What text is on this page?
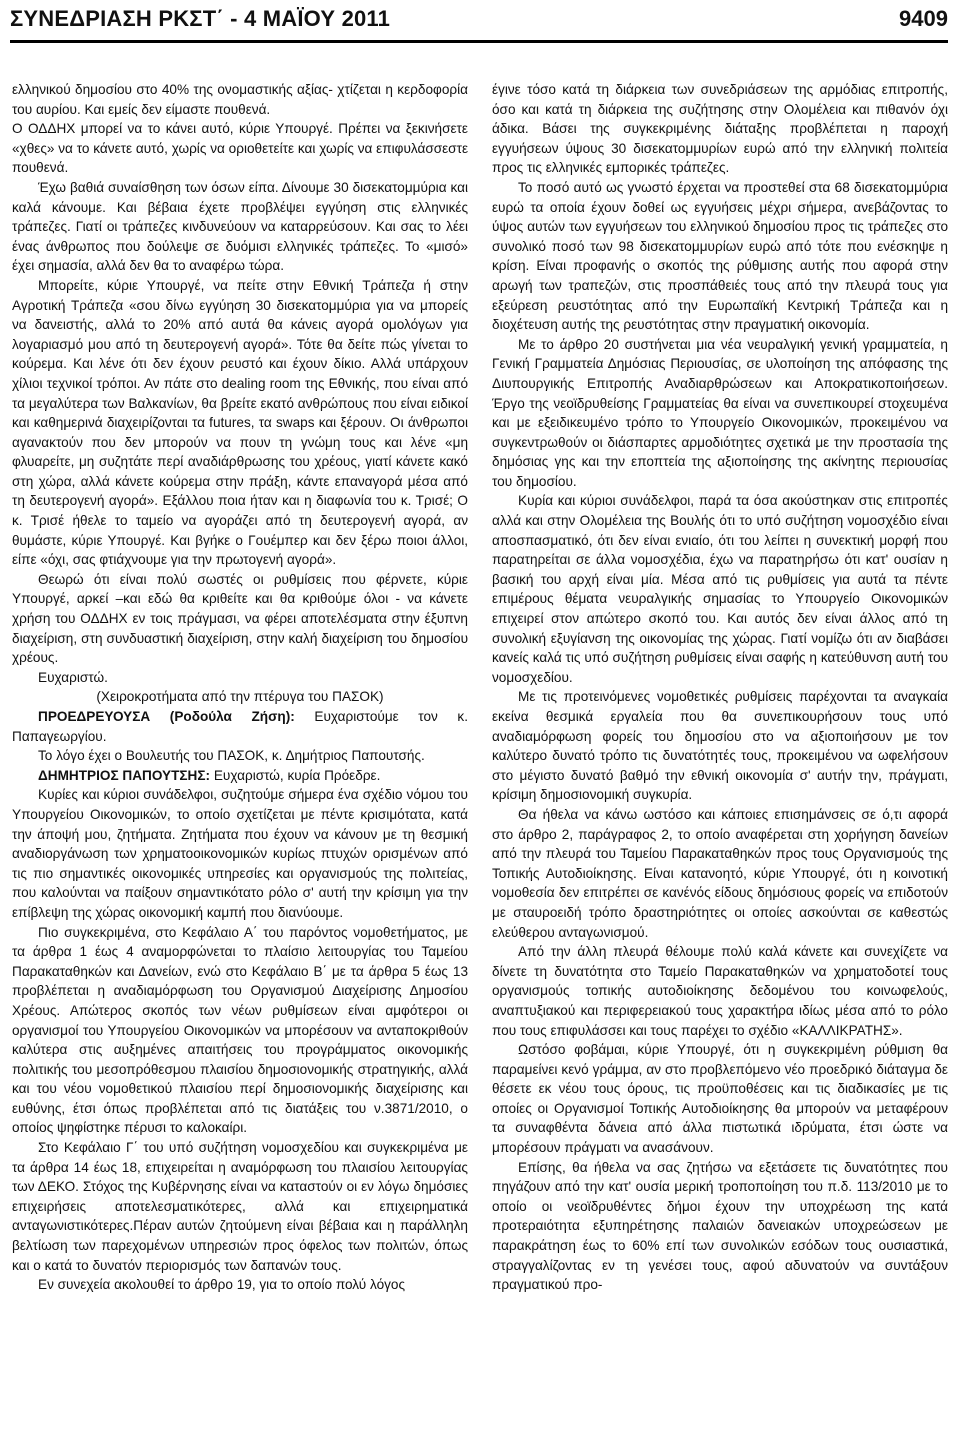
ΣΥΝΕΔΡΙΑΣΗ ΡΚΣΤ΄ - 4 ΜΑΪΟΥ 2011	9409

ελληνικού δημοσίου στο 40% της ονομαστικής αξίας- χτίζεται η κερδοφορία του αυρίου. Και εμείς δεν είμαστε πουθενά.

Ο ΟΔΔΗΧ μπορεί να το κάνει αυτό, κύριε Υπουργέ. Πρέπει να ξεκινήσετε «χθες» να το κάνετε αυτό, χωρίς να οριοθετείτε και χωρίς να επιφυλάσσεστε πουθενά.

Έχω βαθιά συναίσθηση των όσων είπα. Δίνουμε 30 δισεκατομμύρια και καλά κάνουμε. Και βέβαια έχετε προβλέψει εγγύηση στις ελληνικές τράπεζες. Γιατί οι τράπεζες κινδυνεύουν να καταρρεύσουν. Και σας το λέει ένας άνθρωπος που δούλεψε σε δυόμισι ελληνικές τράπεζες. Το «μισό» έχει σημασία, αλλά δεν θα το αναφέρω τώρα.

Μπορείτε, κύριε Υπουργέ, να πείτε στην Εθνική Τράπεζα ή στην Αγροτική Τράπεζα «σου δίνω εγγύηση 30 δισεκατομμύρια για να μπορείς να δανειστής, αλλά το 20% από αυτά θα κάνεις αγορά ομολόγων για λογαριασμό μου από τη δευτερογενή αγορά». Τότε θα δείτε πώς γίνεται το κούρεμα. Και λένε ότι δεν έχουν ρευστό και έχουν δίκιο. Αλλά υπάρχουν χίλιοι τεχνικοί τρόποι. Αν πάτε στο dealing room της Εθνικής, που είναι από τα μεγαλύτερα των Βαλκανίων, θα βρείτε εκατό ανθρώπους που είναι ειδικοί και καθημερινά διαχειρίζονται τα futures, τα swaps και ξέρουν. Οι άνθρωποι αγανακτούν που δεν μπορούν να πουν τη γνώμη τους και λένε «μη φλυαρείτε, μη συζητάτε περί αναδιάρθρωσης του χρέους, γιατί κάνετε κακό στη χώρα, αλλά κάνετε κούρεμα στην πράξη, κάντε επαναγορά μέσα από τη δευτερογενή αγορά». Εξάλλου ποια ήταν και η διαφωνία του κ. Τρισέ; Ο κ. Τρισέ ήθελε το ταμείο να αγοράζει από τη δευτερογενή αγορά, αν θυμάστε, κύριε Υπουργέ. Και βγήκε ο Γουέμπερ και δεν ξέρω ποιοι άλλοι, είπε «όχι, σας φτιάχνουμε για την πρωτογενή αγορά».

Θεωρώ ότι είναι πολύ σωστές οι ρυθμίσεις που φέρνετε, κύριε Υπουργέ, αρκεί –και εδώ θα κριθείτε και θα κριθούμε όλοι - να κάνετε χρήση του ΟΔΔΗΧ εν τοις πράγμασι, να φέρει αποτελέσματα στην έξυπνη διαχείριση, στη συνδυαστική διαχείριση, στην καλή διαχείριση του δημοσίου χρέους.

Ευχαριστώ.

(Χειροκροτήματα από την πτέρυγα του ΠΑΣΟΚ)

ΠΡΟΕΔΡΕΥΟΥΣΑ (Ροδούλα Ζήση): Ευχαριστούμε τον κ. Παπαγεωργίου.

Το λόγο έχει ο Βουλευτής του ΠΑΣΟΚ, κ. Δημήτριος Παπουτσής.

ΔΗΜΗΤΡΙΟΣ ΠΑΠΟΥΤΣΗΣ: Ευχαριστώ, κυρία Πρόεδρε.

Κυρίες και κύριοι συνάδελφοι, συζητούμε σήμερα ένα σχέδιο νόμου του Υπουργείου Οικονομικών, το οποίο σχετίζεται με πέντε κρισιμότατα, κατά την άποψή μου, ζητήματα. Ζητήματα που έχουν να κάνουν με τη θεσμική αναδιοργάνωση των χρηματοοικονομικών κυρίως πτυχών ορισμένων από τις πιο σημαντικές οικονομικές υπηρεσίες και οργανισμούς της πολιτείας, που καλούνται να παίξουν σημαντικότατο ρόλο σ' αυτή την κρίσιμη για την επίβλεψη της χώρας οικονομική καμπή που διανύουμε.

Πιο συγκεκριμένα, στο Κεφάλαιο Α΄ του παρόντος νομοθετήματος, με τα άρθρα 1 έως 4 αναμορφώνεται το πλαίσιο λειτουργίας του Ταμείου Παρακαταθηκών και Δανείων, ενώ στο Κεφάλαιο Β΄ με τα άρθρα 5 έως 13 προβλέπεται η αναδιαμόρφωση του Οργανισμού Διαχείρισης Δημοσίου Χρέους. Απώτερος σκοπός των νέων ρυθμίσεων είναι αμφότεροι οι οργανισμοί του Υπουργείου Οικονομικών να μπορέσουν να ανταποκριθούν καλύτερα στις αυξημένες απαιτήσεις του προγράμματος οικονομικής πολιτικής του μεσοπρόθεσμου πλαισίου δημοσιονομικής στρατηγικής, αλλά και του νέου νομοθετικού πλαισίου περί δημοσιονομικής διαχείρισης και ευθύνης, έτσι όπως προβλέπεται από τις διατάξεις του ν.3871/2010, ο οποίος ψηφίστηκε πέρυσι το καλοκαίρι.

Στο Κεφάλαιο Γ΄ του υπό συζήτηση νομοσχεδίου και συγκεκριμένα με τα άρθρα 14 έως 18, επιχειρείται η αναμόρφωση του πλαισίου λειτουργίας των ΔΕΚΟ. Στόχος της Κυβέρνησης είναι να καταστούν οι εν λόγω δημόσιες επιχειρήσεις αποτελεσματικότερες, αλλά και επιχειρηματικά ανταγωνιστικότερες.Πέραν αυτών ζητούμενη είναι βέβαια και η παράλληλη βελτίωση των παρεχομένων υπηρεσιών προς όφελος των πολιτών, όπως και ο κατά το δυνατόν περιορισμός των δαπανών τους.

Εν συνεχεία ακολουθεί το άρθρο 19, για το οποίο πολύ λόγος

έγινε τόσο κατά τη διάρκεια των συνεδριάσεων της αρμόδιας επιτροπής, όσο και κατά τη διάρκεια της συζήτησης στην Ολομέλεια και πιθανόν όχι άδικα. Βάσει της συγκεκριμένης διάταξης προβλέπεται η παροχή εγγυήσεων ύψους 30 δισεκατομμυρίων ευρώ από την ελληνική πολιτεία προς τις ελληνικές εμπορικές τράπεζες.

Το ποσό αυτό ως γνωστό έρχεται να προστεθεί στα 68 δισεκατομμύρια ευρώ τα οποία έχουν δοθεί ως εγγυήσεις μέχρι σήμερα, ανεβάζοντας το ύψος αυτών των εγγυήσεων του ελληνικού δημοσίου προς τις τράπεζες στο συνολικό ποσό των 98 δισεκατομμυρίων ευρώ από τότε που ενέσκηψε η κρίση. Είναι προφανής ο σκοπός της ρύθμισης αυτής που αφορά στην αρωγή των τραπεζών, στις προσπάθειές τους από την πλευρά τους για εξεύρεση ρευστότητας από την Ευρωπαϊκή Κεντρική Τράπεζα και η διοχέτευση αυτής της ρευστότητας στην πραγματική οικονομία.

Με το άρθρο 20 συστήνεται μια νέα νευραλγική γενική γραμματεία, η Γενική Γραμματεία Δημόσιας Περιουσίας, σε υλοποίηση της απόφασης της Διυπουργικής Επιτροπής Αναδιαρθρώσεων και Αποκρατικοποιήσεων. Έργο της νεοϊδρυθείσης Γραμματείας θα είναι να συνεπικουρεί στοχευμένα και με εξειδικευμένο τρόπο το Υπουργείο Οικονομικών, προκειμένου να συγκεντρωθούν οι διάσπαρτες αρμοδιότητες σχετικά με την προστασία της δημόσιας γης και την εποπτεία της αξιοποίησης της ακίνητης περιουσίας του δημοσίου.

Κυρία και κύριοι συνάδελφοι, παρά τα όσα ακούστηκαν στις επιτροπές αλλά και στην Ολομέλεια της Βουλής ότι το υπό συζήτηση νομοσχέδιο είναι αποσπασματικό, ότι δεν είναι ενιαίο, ότι του λείπει η συνεκτική μορφή που παρατηρείται σε άλλα νομοσχέδια, έχω να παρατηρήσω ότι κατ' ουσίαν η βασική του αρχή είναι μία. Μέσα από τις ρυθμίσεις για αυτά τα πέντε επιμέρους θέματα νευραλγικής σημασίας το Υπουργείο Οικονομικών επιχειρεί στον απώτερο σκοπό του. Και αυτός δεν είναι άλλος από τη συνολική εξυγίανση της οικονομίας της χώρας. Γιατί νομίζω ότι αν διαβάσει κανείς καλά τις υπό συζήτηση ρυθμίσεις είναι σαφής η κατεύθυνση αυτή του νομοσχεδίου.

Με τις προτεινόμενες νομοθετικές ρυθμίσεις παρέχονται τα αναγκαία εκείνα θεσμικά εργαλεία που θα συνεπικουρήσουν τους υπό αναδιαμόρφωση φορείς του δημοσίου στο να αξιοποιήσουν με τον καλύτερο δυνατό τρόπο τις δυνατότητές τους, προκειμένου να ωφελήσουν στο μέγιστο δυνατό βαθμό την εθνική οικονομία σ' αυτήν την, πράγματι, κρίσιμη δημοσιονομική συγκυρία.

Θα ήθελα να κάνω ωστόσο και κάποιες επισημάνσεις σε ό,τι αφορά στο άρθρο 2, παράγραφος 2, το οποίο αναφέρεται στη χορήγηση δανείων από την πλευρά του Ταμείου Παρακαταθηκών προς τους Οργανισμούς της Τοπικής Αυτοδιοίκησης. Είναι κατανοητό, κύριε Υπουργέ, ότι η κοινοτική νομοθεσία δεν επιτρέπει σε κανένός είδους δημόσιους φορείς να επιδοτούν με σταυροειδή τρόπο δραστηριότητες οι οποίες ασκούνται σε καθεστώς ελεύθερου ανταγωνισμού.

Από την άλλη πλευρά θέλουμε πολύ καλά κάνετε και συνεχίζετε να δίνετε τη δυνατότητα στο Ταμείο Παρακαταθηκών να χρηματοδοτεί τους οργανισμούς τοπικής αυτοδιοίκησης δεδομένου του κοινωφελούς, αναπτυξιακού και περιφερειακού τους χαρακτήρα ιδίως μέσα από το ρόλο που τους επιφυλάσσει και τους παρέχει το σχέδιο «ΚΑΛΛΙΚΡΑΤΗΣ».

Ωστόσο φοβάμαι, κύριε Υπουργέ, ότι η συγκεκριμένη ρύθμιση θα παραμείνει κενό γράμμα, αν στο προβλεπόμενο νέο προεδρικό διάταγμα δε θέσετε εκ νέου τους όρους, τις προϋποθέσεις και τις διαδικασίες με τις οποίες οι Οργανισμοί Τοπικής Αυτοδιοίκησης θα μπορούν να μεταφέρουν τα συναφθέντα δάνεια από άλλα πιστωτικά ιδρύματα, έτσι ώστε να μπορέσουν πράγματι να ανασάνουν.

Επίσης, θα ήθελα να σας ζητήσω να εξετάσετε τις δυνατότητες που πηγάζουν από την κατ' ουσία μερική τροποποίηση του π.δ. 113/2010 με το οποίο οι νεοϊδρυθέντες δήμοι έχουν την υποχρέωση της κατά προτεραιότητα εξυπηρέτησης παλαιών δανειακών υποχρεώσεων με παρακράτηση έως το 60% επί των συνολικών εσόδων τους ουσιαστικά, στραγγαλίζοντας εν τη γενέσει τους, αφού αδυνατούν να συντάξουν πραγματικού προ-
